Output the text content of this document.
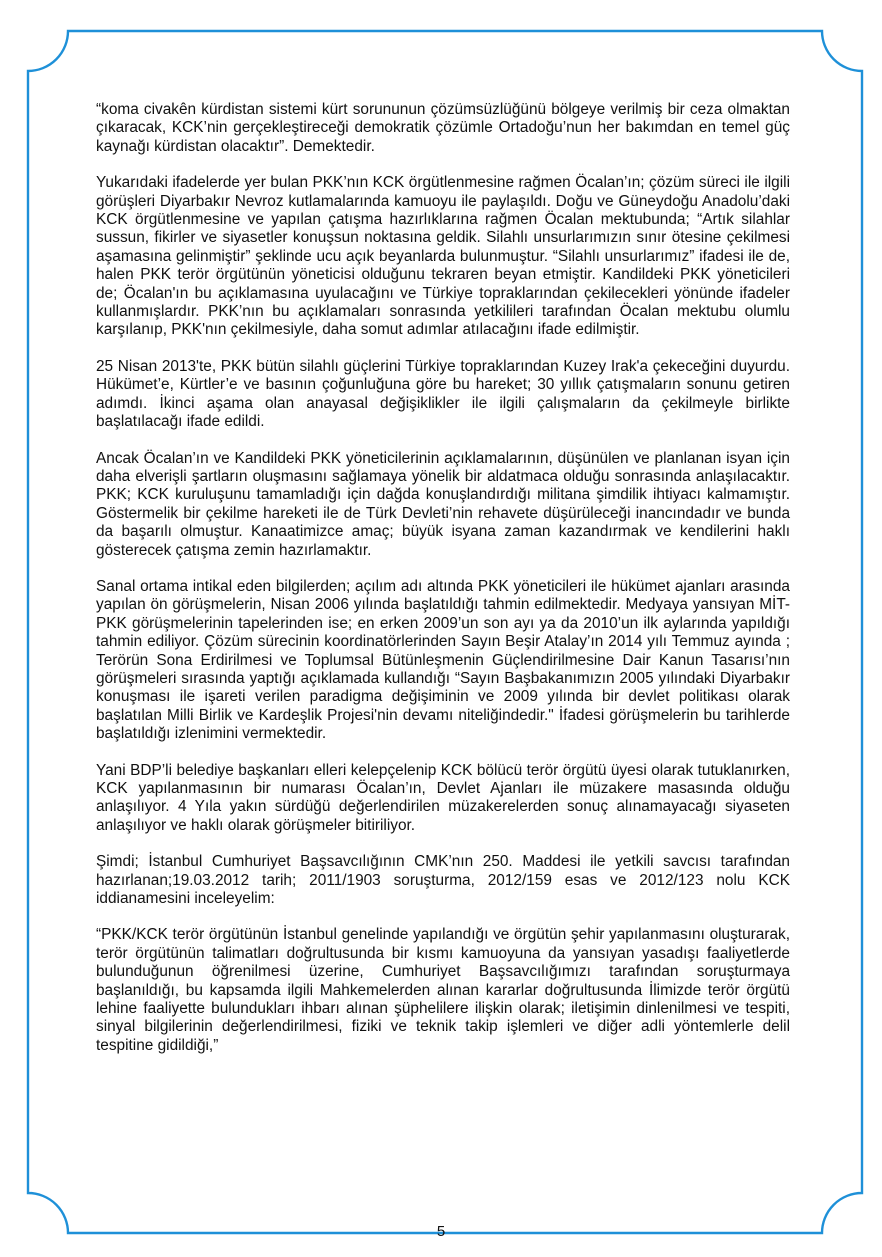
“koma civakên kürdistan sistemi kürt sorununun çözümsüzlüğünü bölgeye verilmiş bir ceza olmaktan çıkaracak, KCK’nin gerçekleştireceği demokratik çözümle Ortadoğu’nun her bakımdan en temel güç kaynağı kürdistan olacaktır”. Demektedir.

Yukarıdaki ifadelerde yer bulan PKK’nın KCK örgütlenmesine rağmen Öcalan’ın; çözüm süreci ile ilgili görüşleri Diyarbakır Nevroz kutlamalarında kamuoyu ile paylaşıldı. Doğu ve Güneydoğu Anadolu’daki KCK örgütlenmesine ve yapılan çatışma hazırlıklarına rağmen Öcalan mektubunda; “Artık silahlar sussun, fikirler ve siyasetler konuşsun noktasına geldik. Silahlı unsurlarımızın sınır ötesine çekilmesi aşamasına gelinmiştir” şeklinde ucu açık beyanlarda bulunmuştur. “Silahlı unsurlarımız” ifadesi ile de, halen PKK terör örgütünün yöneticisi olduğunu tekraren beyan etmiştir. Kandildeki PKK yöneticileri de; Öcalan'ın bu açıklamasına uyulacağını ve Türkiye topraklarından çekilecekleri yönünde ifadeler kullanmışlardır. PKK’nın bu açıklamaları sonrasında yetkilileri tarafından Öcalan mektubu olumlu karşılanıp, PKK'nın çekilmesiyle, daha somut adımlar atılacağını ifade edilmiştir.

25 Nisan 2013'te, PKK bütün silahlı güçlerini Türkiye topraklarından Kuzey Irak'a çekeceğini duyurdu. Hükümet’e, Kürtler’e ve basının çoğunluğuna göre bu hareket; 30 yıllık çatışmaların sonunu getiren adımdı. İkinci aşama olan anayasal değişiklikler ile ilgili çalışmaların da çekilmeyle birlikte başlatılacağı ifade edildi.

Ancak Öcalan’ın ve Kandildeki PKK yöneticilerinin açıklamalarının, düşünülen ve planlanan isyan için daha elverişli şartların oluşmasını sağlamaya yönelik bir aldatmaca olduğu sonrasında anlaşılacaktır. PKK; KCK kuruluşunu tamamladığı için dağda konuşlandırdığı militana şimdilik ihtiyacı kalmamıştır. Göstermelik bir çekilme hareketi ile de Türk Devleti’nin rehavete düşürüleceği inancındadır ve bunda da başarılı olmuştur. Kanaatimizce amaç; büyük isyana zaman kazandırmak ve kendilerini haklı gösterecek çatışma zemin hazırlamaktır.

Sanal ortama intikal eden bilgilerden; açılım adı altında PKK yöneticileri ile hükümet ajanları arasında yapılan ön görüşmelerin, Nisan 2006 yılında başlatıldığı tahmin edilmektedir. Medyaya yansıyan MİT-PKK görüşmelerinin tapelerinden ise; en erken 2009’un son ayı ya da 2010’un ilk aylarında yapıldığı tahmin ediliyor. Çözüm sürecinin koordinatörlerinden Sayın Beşir Atalay’ın 2014 yılı Temmuz ayında ; Terörün Sona Erdirilmesi ve Toplumsal Bütünleşmenin Güçlendirilmesine Dair Kanun Tasarısı’nın görüşmeleri sırasında yaptığı açıklamada kullandığı “Sayın Başbakanımızın 2005 yılındaki Diyarbakır konuşması ile işareti verilen paradigma değişiminin ve 2009 yılında bir devlet politikası olarak başlatılan Milli Birlik ve Kardeşlik Projesi'nin devamı niteliğindedir." İfadesi görüşmelerin bu tarihlerde başlatıldığı izlenimini vermektedir.

Yani BDP’li belediye başkanları elleri kelepçelenip KCK bölücü terör örgütü üyesi olarak tutuklanırken, KCK yapılanmasının bir numarası Öcalan’ın, Devlet Ajanları ile müzakere masasında olduğu anlaşılıyor. 4 Yıla yakın sürdüğü değerlendirilen müzakerelerden sonuç alınamayacağı siyaseten anlaşılıyor ve haklı olarak görüşmeler bitiriliyor.

Şimdi; İstanbul Cumhuriyet Başsavcılığının CMK’nın 250. Maddesi ile yetkili savcısı tarafından hazırlanan;19.03.2012 tarih; 2011/1903 soruşturma, 2012/159 esas ve 2012/123 nolu KCK iddianamesini inceleyelim:

“PKK/KCK terör örgütünün İstanbul genelinde yapılandığı ve örgütün şehir yapılanmasını oluşturarak, terör örgütünün talimatları doğrultusunda bir kısmı kamuoyuna da yansıyan yasadışı faaliyetlerde bulunduğunun öğrenilmesi üzerine, Cumhuriyet Başsavcılığımızı tarafından soruşturmaya başlanıldığı, bu kapsamda ilgili Mahkemelerden alınan kararlar doğrultusunda İlimizde terör örgütü lehine faaliyette bulundukları ihbarı alınan şüphelilere ilişkin olarak; iletişimin dinlenilmesi ve tespiti, sinyal bilgilerinin değerlendirilmesi, fiziki ve teknik takip işlemleri ve diğer adli yöntemlerle delil tespitine gidildiği,”

5
